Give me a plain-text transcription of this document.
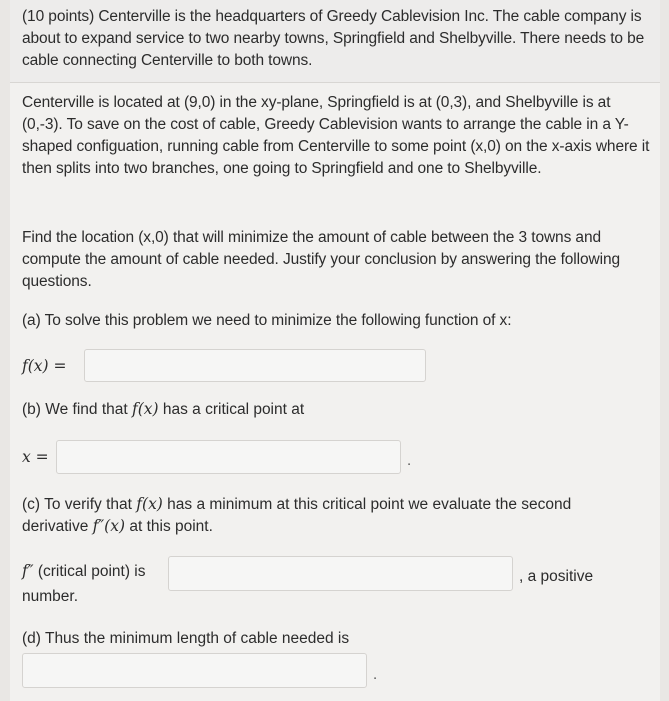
(10 points) Centerville is the headquarters of Greedy Cablevision Inc. The cable company is about to expand service to two nearby towns, Springfield and Shelbyville. There needs to be cable connecting Centerville to both towns.

Centerville is located at (9,0) in the xy-plane, Springfield is at (0,3), and Shelbyville is at (0,-3). To save on the cost of cable, Greedy Cablevision wants to arrange the cable in a Y-shaped configuation, running cable from Centerville to some point (x,0) on the x-axis where it then splits into two branches, one going to Springfield and one to Shelbyville.

Find the location (x,0) that will minimize the amount of cable between the 3 towns and compute the amount of cable needed. Justify your conclusion by answering the following questions.

(a) To solve this problem we need to minimize the following function of x:

f(x) =
(b) We find that f(x) has a critical point at
x =	.
(c) To verify that f(x) has a minimum at this critical point we evaluate the second
derivative f″(x) at this point.
f″ (critical point) is	, a positive
number.
(d) Thus the minimum length of cable needed is
.
